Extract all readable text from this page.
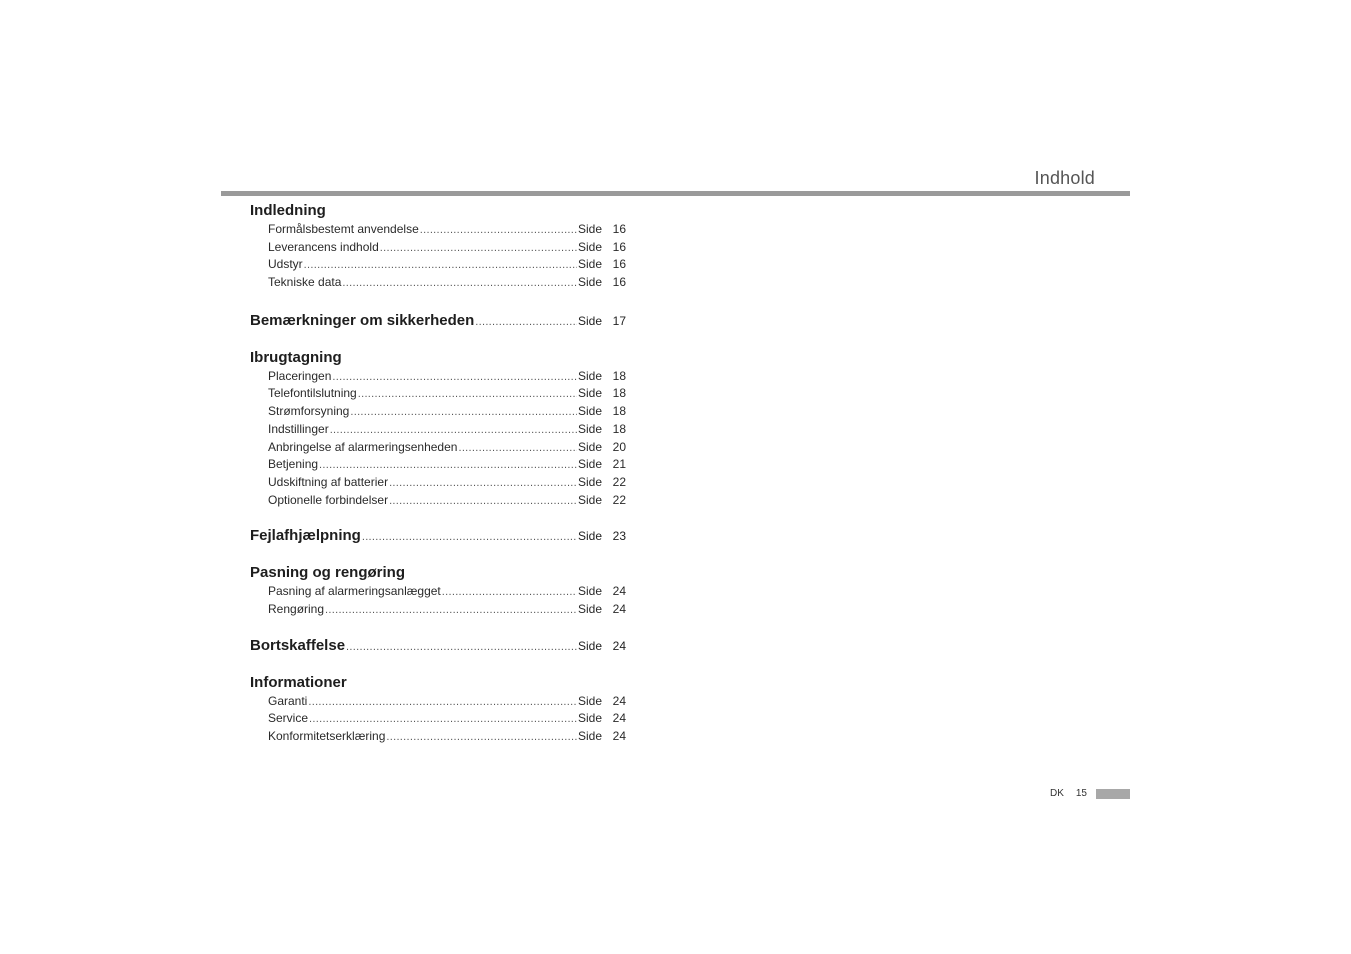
Indhold
Indledning
Formålsbestemt anvendelse .....	Side 16
Leverancens indhold .....	Side 16
Udstyr .....	Side 16
Tekniske data .....	Side 16
Bemærkninger om sikkerheden .....	Side 17
Ibrugtagning
Placeringen .....	Side 18
Telefontilslutning .....	Side 18
Strømforsyning .....	Side 18
Indstillinger .....	Side 18
Anbringelse af alarmeringsenheden .....	Side 20
Betjening .....	Side 21
Udskiftning af batterier .....	Side 22
Optionelle forbindelser .....	Side 22
Fejlafhjælpning .....	Side 23
Pasning og rengøring
Pasning af alarmeringsanlægget .....	Side 24
Rengøring .....	Side 24
Bortskaffelse .....	Side 24
Informationer
Garanti .....	Side 24
Service .....	Side 24
Konformitetserklæring .....	Side 24
DK 15
